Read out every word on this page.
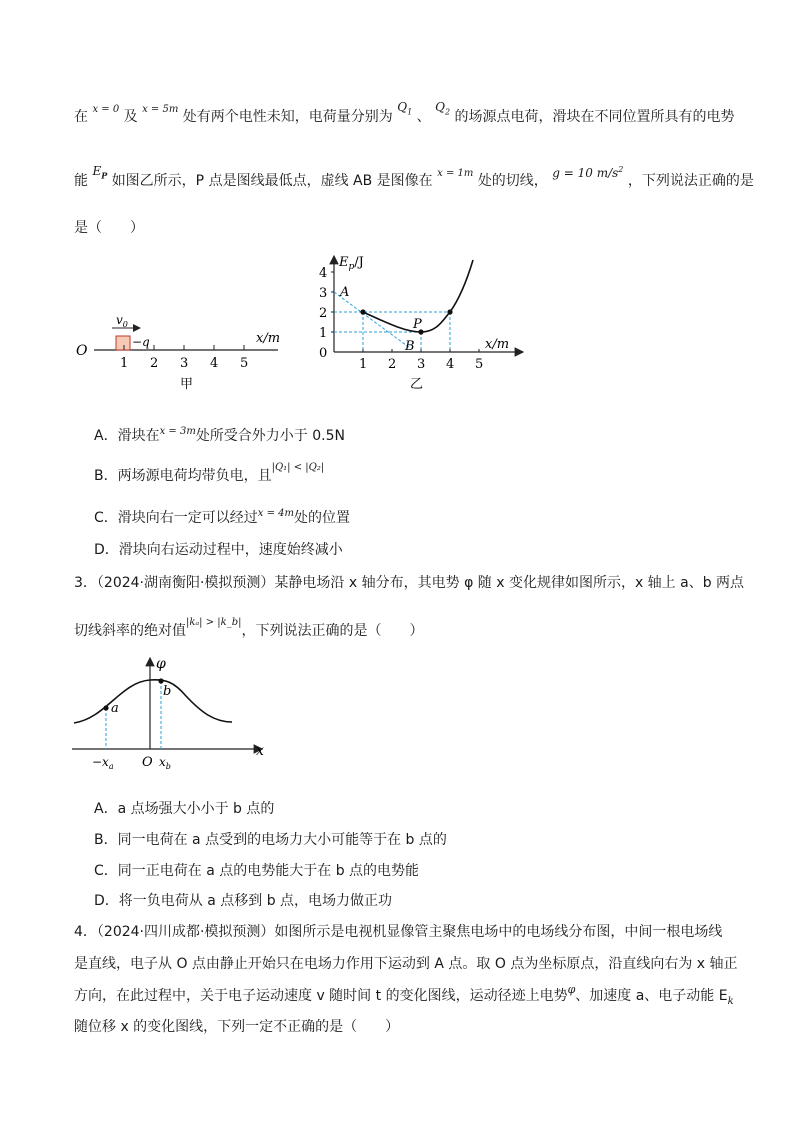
在 $^{x = 0}$ 及 $^{x = 5m}$ 处有两个电性未知，电荷量分别为 $Q_1$ 、 $Q_2$ 的场源点电荷，滑块在不同位置所具有的电势
能 $E_P$ 如图乙所示，P 点是图线最低点，虚线 AB 是图像在 $^{x = 1m}$ 处的切线， g = 10 $m/s^2$ ，下列说法正确的是
是（　　）
O
$v_0$
−q	x/m
1 2 3 4 5
甲
$E_p/J$
x/m
A
B
P
0
1
2
3
4
1 2 3 4 5
乙
A．滑块在$^{x = 3m}$处所受合外力小于 0.5N
B．两场源电荷均带负电，且$^{|Q_1| < |Q_2|}$
C．滑块向右一定可以经过$^{x = 4m}$处的位置
D．滑块向右运动过程中，速度始终减小
3．（2024·湖南衡阳·模拟预测）某静电场沿 x 轴分布，其电势 φ 随 x 变化规律如图所示，x 轴上 a、b 两点
切线斜率的绝对值$^{|k_a| > |k\_b|}$，下列说法正确的是（　　）
φ
x
a
b
$-x_a$ O $x_b$
A．a 点场强大小小于 b 点的
B．同一电荷在 a 点受到的电场力大小可能等于在 b 点的
C．同一正电荷在 a 点的电势能大于在 b 点的电势能
D．将一负电荷从 a 点移到 b 点，电场力做正功
4．（2024·四川成都·模拟预测）如图所示是电视机显像管主聚焦电场中的电场线分布图，中间一根电场线
是直线，电子从 O 点由静止开始只在电场力作用下运动到 A 点。取 O 点为坐标原点，沿直线向右为 x 轴正
方向，在此过程中，关于电子运动速度 v 随时间 t 的变化图线，运动径迹上电势$^\varphi$、加速度 a、电子动能 $E_k$
随位移 x 的变化图线，下列一定不正确的是（　　）
